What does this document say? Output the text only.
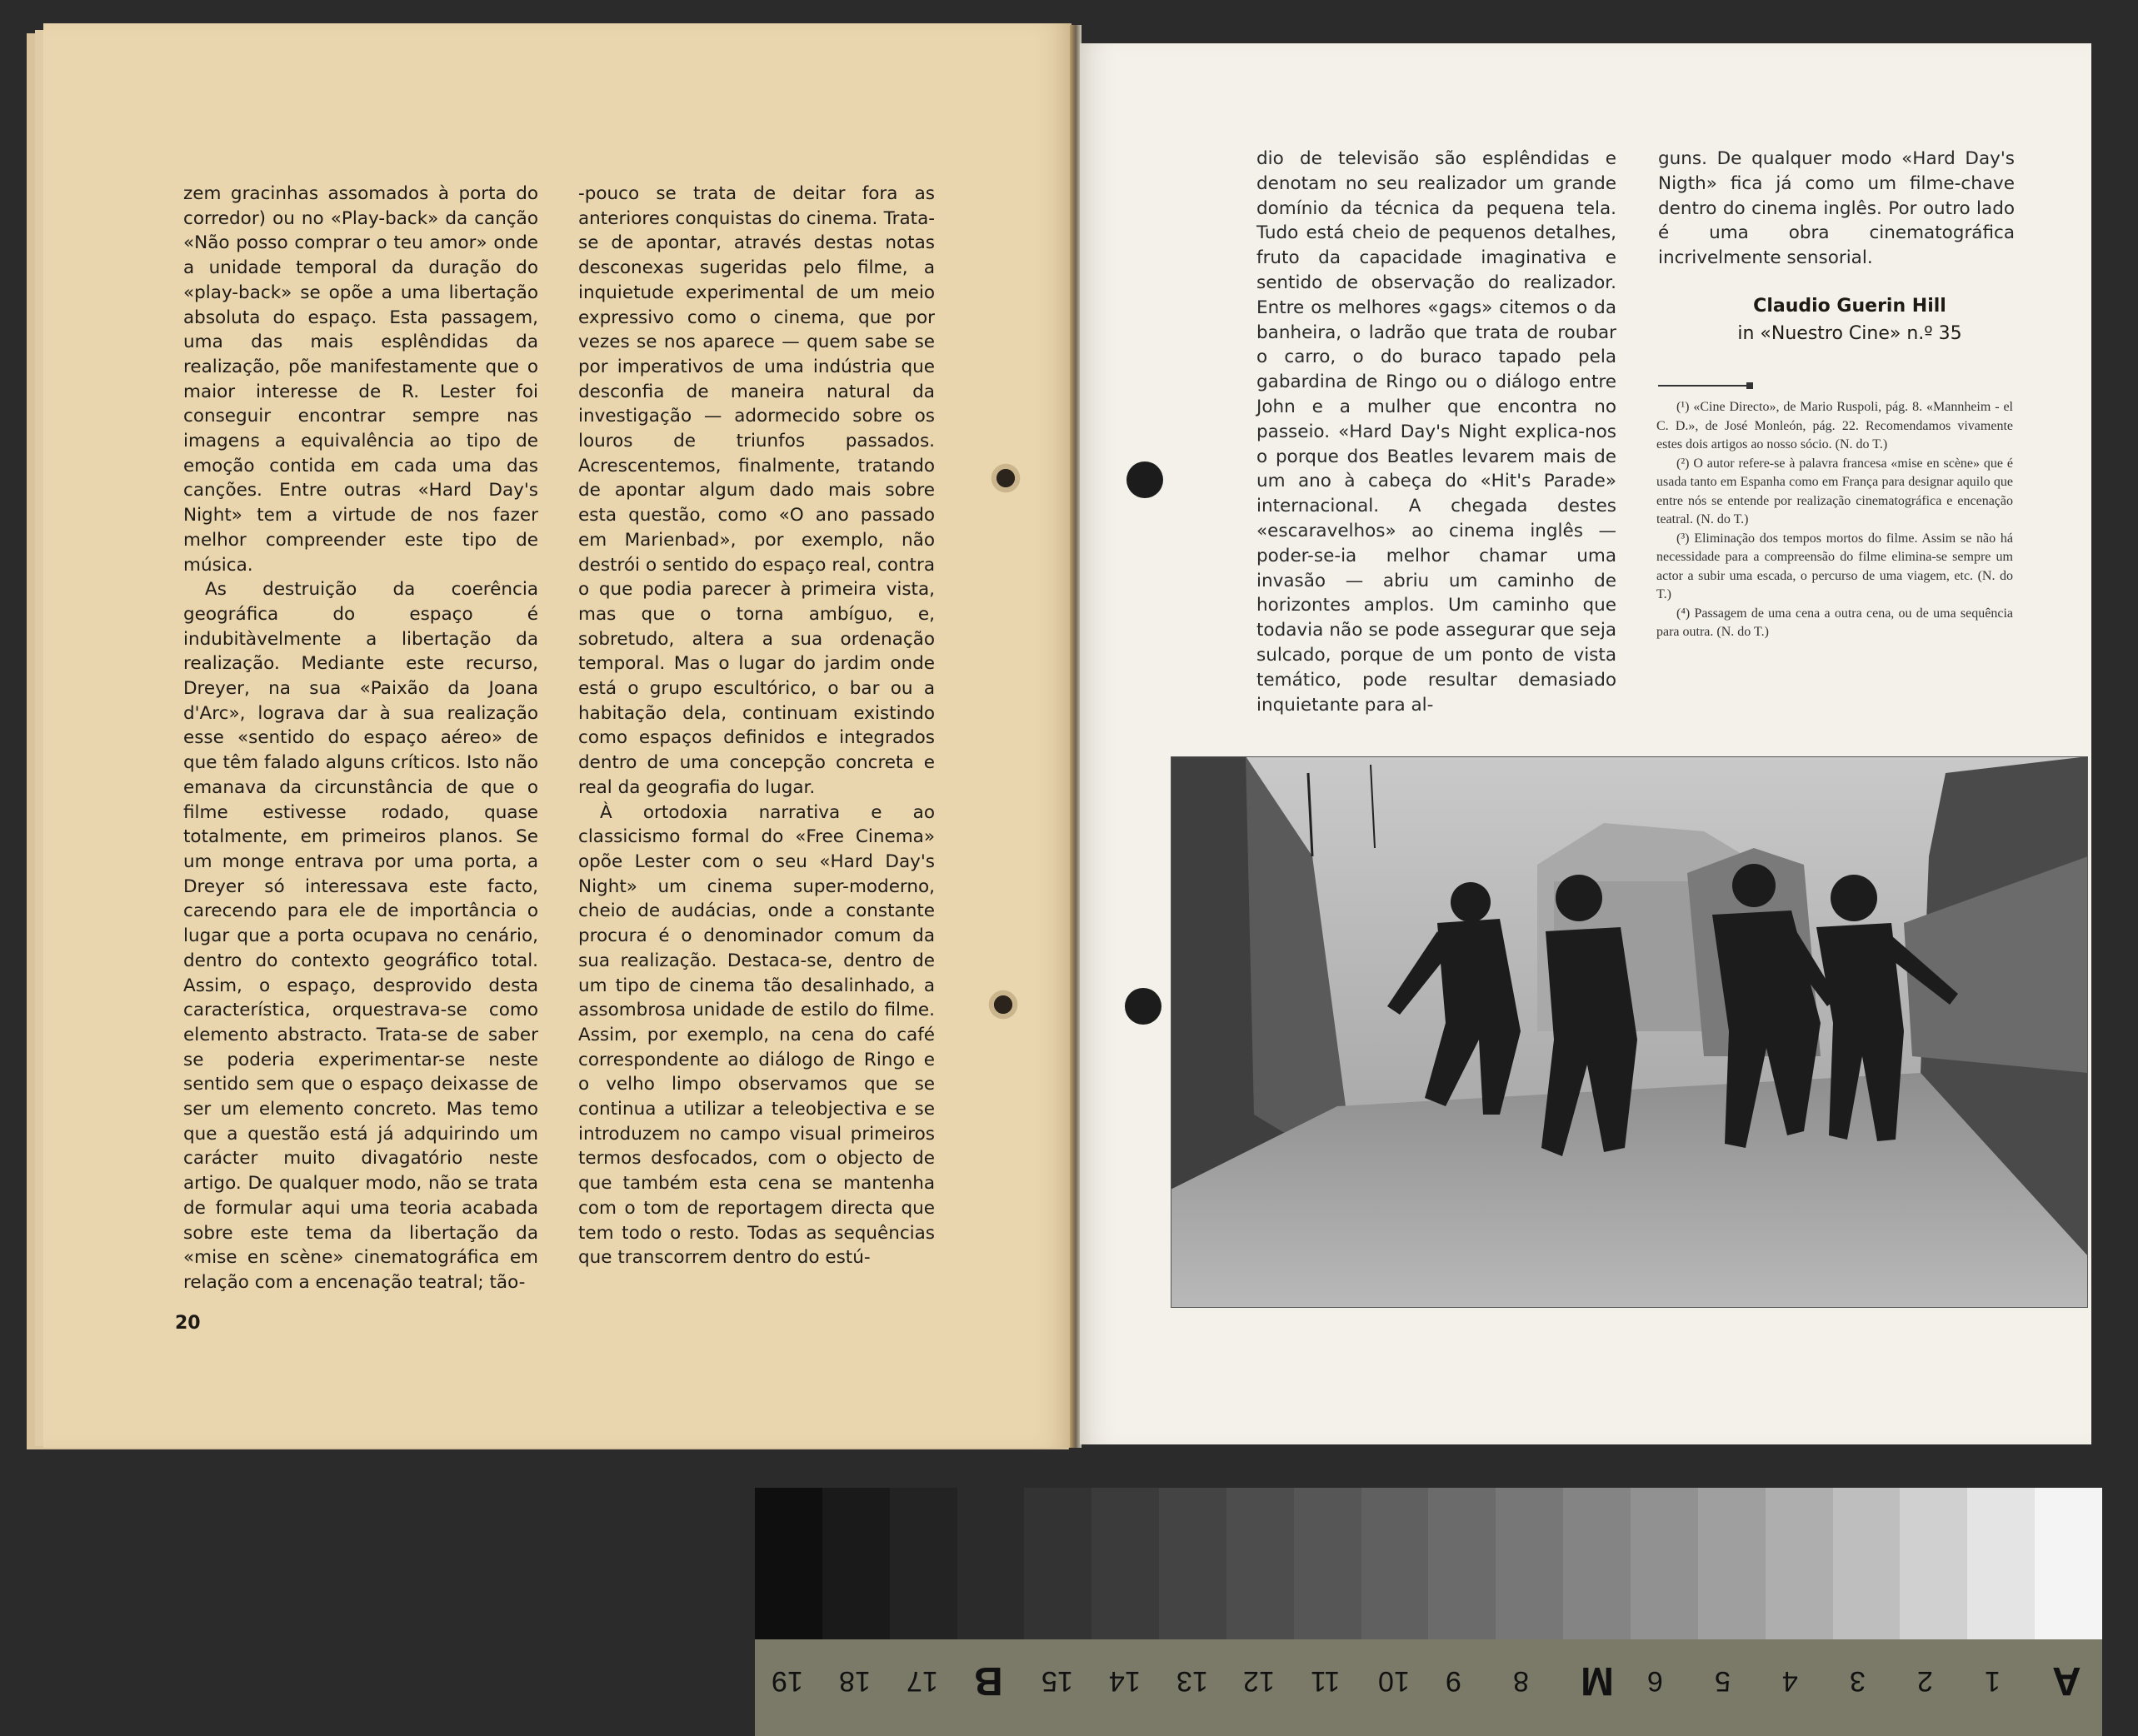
zem gracinhas assomados à porta do corredor) ou no «Play-back» da canção «Não posso comprar o teu amor» onde a unidade temporal da duração do «play-back» se opõe a uma libertação absoluta do espaço. Esta passagem, uma das mais esplêndidas da realização, põe manifestamente que o maior interesse de R. Lester foi conseguir encontrar sempre nas imagens a equivalência ao tipo de emoção contida em cada uma das canções. Entre outras «Hard Day's Night» tem a virtude de nos fazer melhor compreender este tipo de música.

As destruição da coerência geográfica do espaço é indubitàvelmente a libertação da realização. Mediante este recurso, Dreyer, na sua «Paixão da Joana d'Arc», lograva dar à sua realização esse «sentido do espaço aéreo» de que têm falado alguns críticos. Isto não emanava da circunstância de que o filme estivesse rodado, quase totalmente, em primeiros planos. Se um monge entrava por uma porta, a Dreyer só interessava este facto, carecendo para ele de importância o lugar que a porta ocupava no cenário, dentro do contexto geográfico total. Assim, o espaço, desprovido desta característica, orquestrava-se como elemento abstracto. Trata-se de saber se poderia experimentar-se neste sentido sem que o espaço deixasse de ser um elemento concreto. Mas temo que a questão está já adquirindo um carácter muito divagatório neste artigo. De qualquer modo, não se trata de formular aqui uma teoria acabada sobre este tema da libertação da «mise en scène» cinematográfica em relação com a encenação teatral; tão-

-pouco se trata de deitar fora as anteriores conquistas do cinema. Trata-se de apontar, através destas notas desconexas sugeridas pelo filme, a inquietude experimental de um meio expressivo como o cinema, que por vezes se nos aparece — quem sabe se por imperativos de uma indústria que desconfia de maneira natural da investigação — adormecido sobre os louros de triunfos passados. Acrescentemos, finalmente, tratando de apontar algum dado mais sobre esta questão, como «O ano passado em Marienbad», por exemplo, não destrói o sentido do espaço real, contra o que podia parecer à primeira vista, mas que o torna ambíguo, e, sobretudo, altera a sua ordenação temporal. Mas o lugar do jardim onde está o grupo escultórico, o bar ou a habitação dela, continuam existindo como espaços definidos e integrados dentro de uma concepção concreta e real da geografia do lugar.

À ortodoxia narrativa e ao classicismo formal do «Free Cinema» opõe Lester com o seu «Hard Day's Night» um cinema super-moderno, cheio de audácias, onde a constante procura é o denominador comum da sua realização. Destaca-se, dentro de um tipo de cinema tão desalinhado, a assombrosa unidade de estilo do filme. Assim, por exemplo, na cena do café correspondente ao diálogo de Ringo e o velho limpo observamos que se continua a utilizar a teleobjectiva e se introduzem no campo visual primeiros termos desfocados, com o objecto de que também esta cena se mantenha com o tom de reportagem directa que tem todo o resto. Todas as sequências que transcorrem dentro do estú-

20
dio de televisão são esplêndidas e denotam no seu realizador um grande domínio da técnica da pequena tela. Tudo está cheio de pequenos detalhes, fruto da capacidade imaginativa e sentido de observação do realizador. Entre os melhores «gags» citemos o da banheira, o ladrão que trata de roubar o carro, o do buraco tapado pela gabardina de Ringo ou o diálogo entre John e a mulher que encontra no passeio. «Hard Day's Night explica-nos o porque dos Beatles levarem mais de um ano à cabeça do «Hit's Parade» internacional. A chegada destes «escaravelhos» ao cinema inglês — poder-se-ia melhor chamar uma invasão — abriu um caminho de horizontes amplos. Um caminho que todavia não se pode assegurar que seja sulcado, porque de um ponto de vista temático, pode resultar demasiado inquietante para al-
guns. De qualquer modo «Hard Day's Nigth» fica já como um filme-chave dentro do cinema inglês. Por outro lado é uma obra cinematográfica incrivelmente sensorial.
Claudio Guerin Hill
in «Nuestro Cine» n.º 35

(¹) «Cine Directo», de Mario Ruspoli, pág. 8. «Mannheim - el C. D.», de José Monleón, pág. 22. Recomendamos vivamente estes dois artigos ao nosso sócio. (N. do T.)

(²) O autor refere-se à palavra francesa «mise en scène» que é usada tanto em Espanha como em França para designar aquilo que entre nós se entende por realização cinematográfica e encenação teatral. (N. do T.)

(³) Eliminação dos tempos mortos do filme. Assim se não há necessidade para a compreensão do filme elimina-se sempre um actor a subir uma escada, o percurso de uma viagem, etc. (N. do T.)

(⁴) Passagem de uma cena a outra cena, ou de uma sequência para outra. (N. do T.)

19 18 17 B 15 14 13 12 11 10 9 8 M 6 5 4 3 2 1 A
